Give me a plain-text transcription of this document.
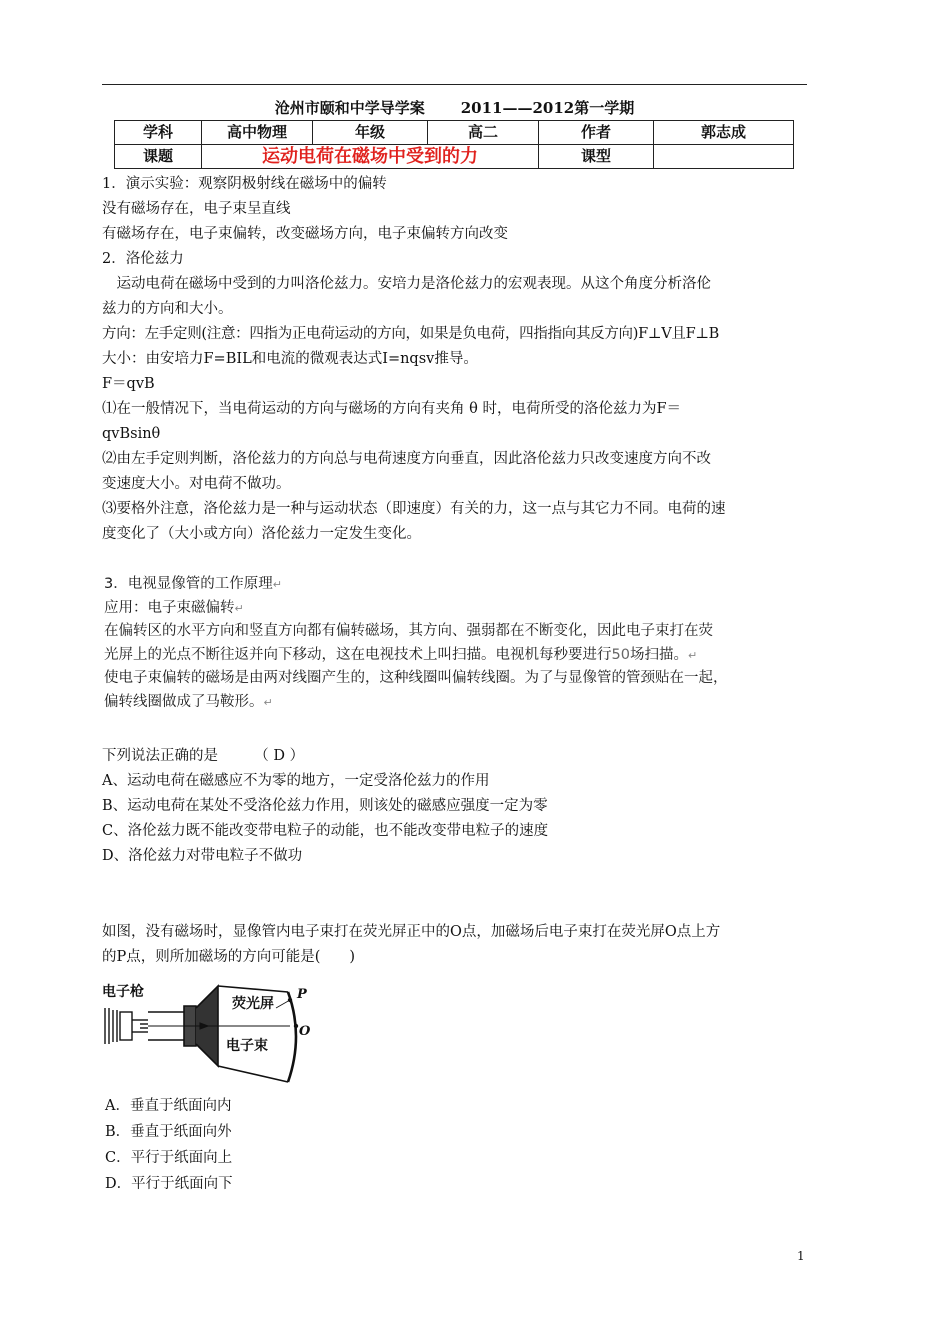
沧州市颐和中学导学案 2011——2012第一学期
学科	高中物理	年级	高二	作者	郭志成
课题	运动电荷在磁场中受到的力			课型	

1．演示实验：观察阴极射线在磁场中的偏转

没有磁场存在，电子束呈直线

有磁场存在，电子束偏转，改变磁场方向，电子束偏转方向改变

2．洛伦兹力

　运动电荷在磁场中受到的力叫洛伦兹力。安培力是洛伦兹力的宏观表现。从这个角度分析洛伦

兹力的方向和大小。

方向：左手定则(注意：四指为正电荷运动的方向，如果是负电荷，四指指向其反方向)F⊥V且F⊥B

大小：由安培力F=BIL和电流的微观表达式I=nqsv推导。

F＝qvB

⑴在一般情况下，当电荷运动的方向与磁场的方向有夹角 θ 时，电荷所受的洛伦兹力为F＝

qvBsinθ

⑵由左手定则判断，洛伦兹力的方向总与电荷速度方向垂直，因此洛伦兹力只改变速度方向不改

变速度大小。对电荷不做功。

⑶要格外注意，洛伦兹力是一种与运动状态（即速度）有关的力，这一点与其它力不同。电荷的速

度变化了（大小或方向）洛伦兹力一定发生变化。

3．电视显像管的工作原理↵

应用：电子束磁偏转↵

在偏转区的水平方向和竖直方向都有偏转磁场，其方向、强弱都在不断变化，因此电子束打在荧

光屏上的光点不断往返并向下移动，这在电视技术上叫扫描。电视机每秒要进行50场扫描。↵

使电子束偏转的磁场是由两对线圈产生的，这种线圈叫偏转线圈。为了与显像管的管颈贴在一起，

偏转线圈做成了马鞍形。↵

下列说法正确的是　　　（ D ）

A、运动电荷在磁感应不为零的地方，一定受洛伦兹力的作用

B、运动电荷在某处不受洛伦兹力作用，则该处的磁感应强度一定为零

C、洛伦兹力既不能改变带电粒子的动能，也不能改变带电粒子的速度

D、洛伦兹力对带电粒子不做功

如图，没有磁场时，显像管内电子束打在荧光屏正中的O点，加磁场后电子束打在荧光屏O点上方

的P点，则所加磁场的方向可能是(　　)

电子枪
荧光屏
电子束
P
O

A．垂直于纸面向内

B．垂直于纸面向外

C．平行于纸面向上

D．平行于纸面向下

1
